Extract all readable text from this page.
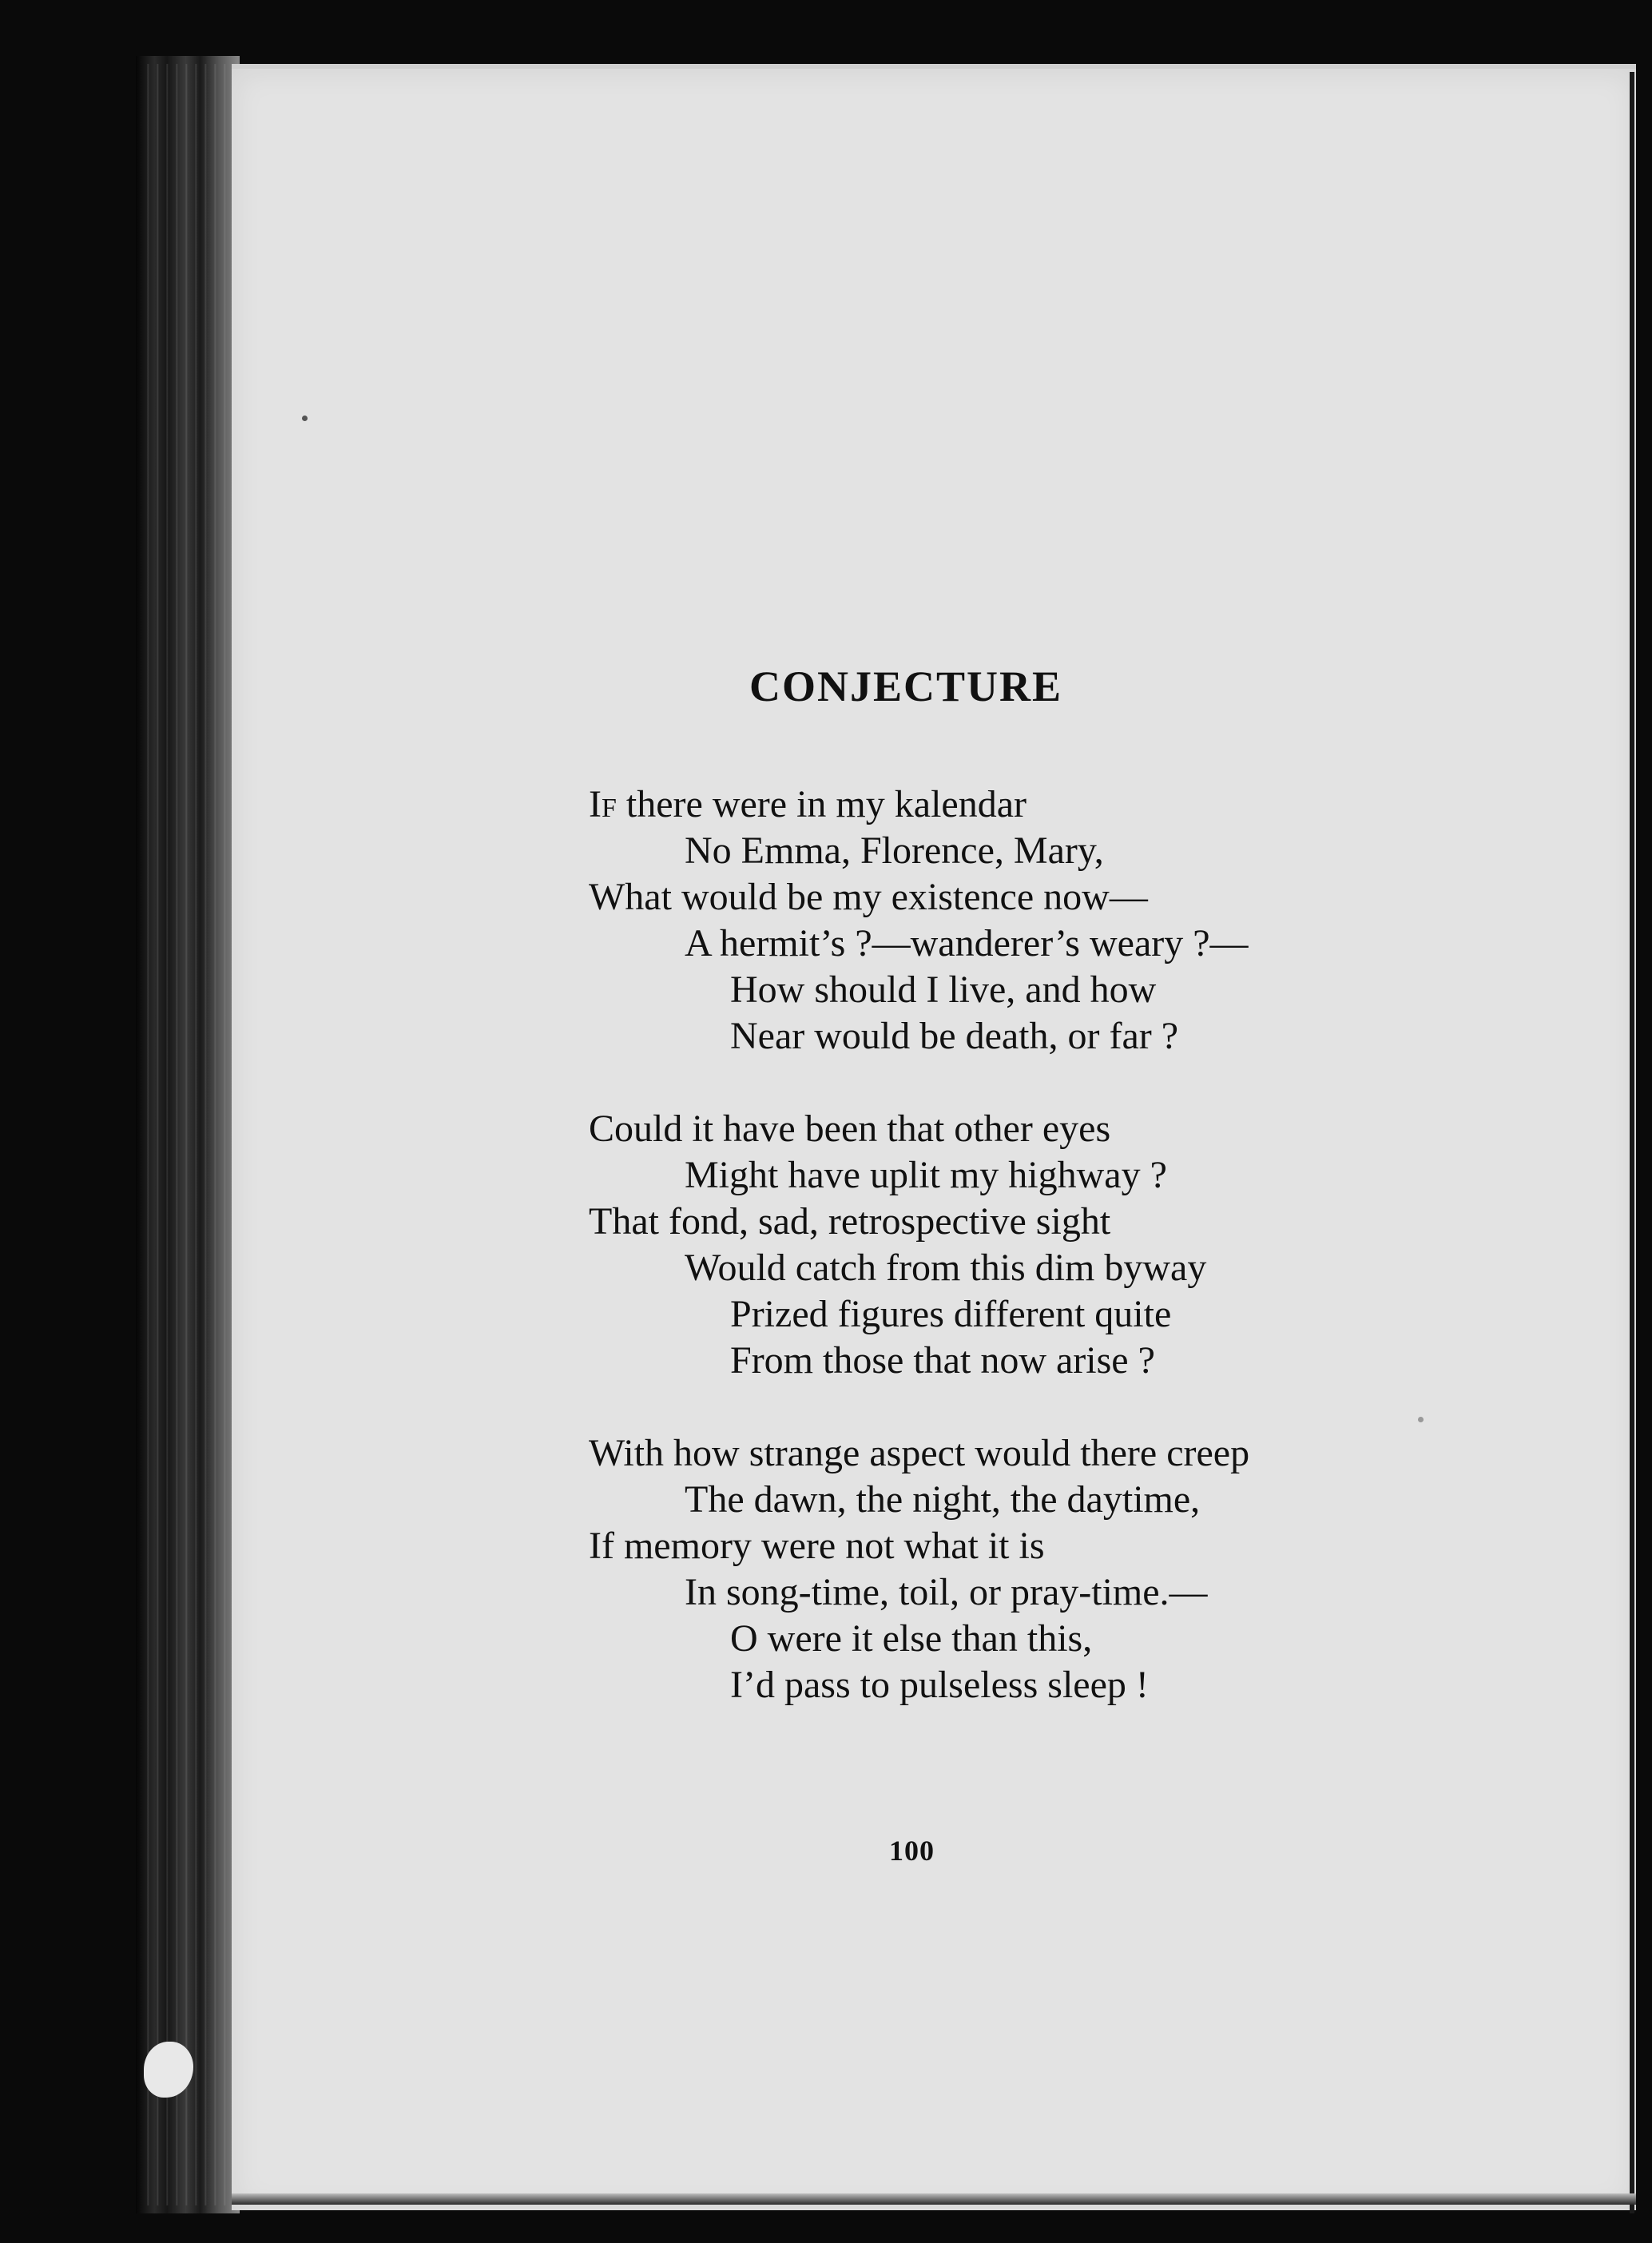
CONJECTURE
If there were in my kalendar
No Emma, Florence, Mary,
What would be my existence now—
A hermit’s ?—wanderer’s weary ?—
How should I live, and how
Near would be death, or far ?
Could it have been that other eyes
Might have uplit my highway ?
That fond, sad, retrospective sight
Would catch from this dim byway
Prized figures different quite
From those that now arise ?
With how strange aspect would there creep
The dawn, the night, the daytime,
If memory were not what it is
In song-time, toil, or pray-time.—
O were it else than this,
I’d pass to pulseless sleep !
100
